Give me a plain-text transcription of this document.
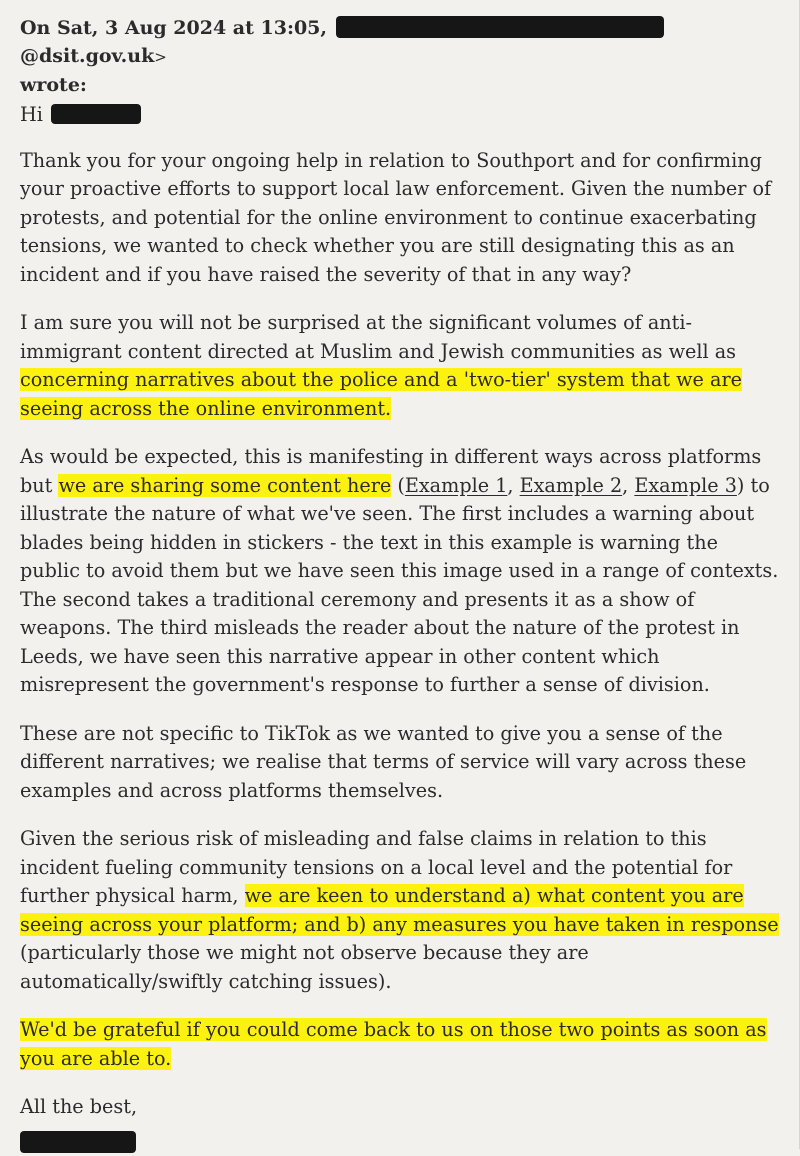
On Sat, 3 Aug 2024 at 13:05, @dsit.gov.uk>
wrote:
Hi

Thank you for your ongoing help in relation to Southport and for confirming your proactive efforts to support local law enforcement. Given the number of protests, and potential for the online environment to continue exacerbating tensions, we wanted to check whether you are still designating this as an incident and if you have raised the severity of that in any way?

I am sure you will not be surprised at the significant volumes of anti-immigrant content directed at Muslim and Jewish communities as well as concerning narratives about the police and a 'two-tier' system that we are seeing across the online environment.

As would be expected, this is manifesting in different ways across platforms but we are sharing some content here (Example 1, Example 2, Example 3) to illustrate the nature of what we've seen. The first includes a warning about blades being hidden in stickers - the text in this example is warning the public to avoid them but we have seen this image used in a range of contexts. The second takes a traditional ceremony and presents it as a show of weapons. The third misleads the reader about the nature of the protest in Leeds, we have seen this narrative appear in other content which misrepresent the government's response to further a sense of division.

These are not specific to TikTok as we wanted to give you a sense of the different narratives; we realise that terms of service will vary across these examples and across platforms themselves.

Given the serious risk of misleading and false claims in relation to this incident fueling community tensions on a local level and the potential for further physical harm, we are keen to understand a) what content you are seeing across your platform; and b) any measures you have taken in response (particularly those we might not observe because they are automatically/swiftly catching issues).

We'd be grateful if you could come back to us on those two points as soon as you are able to.

All the best,
